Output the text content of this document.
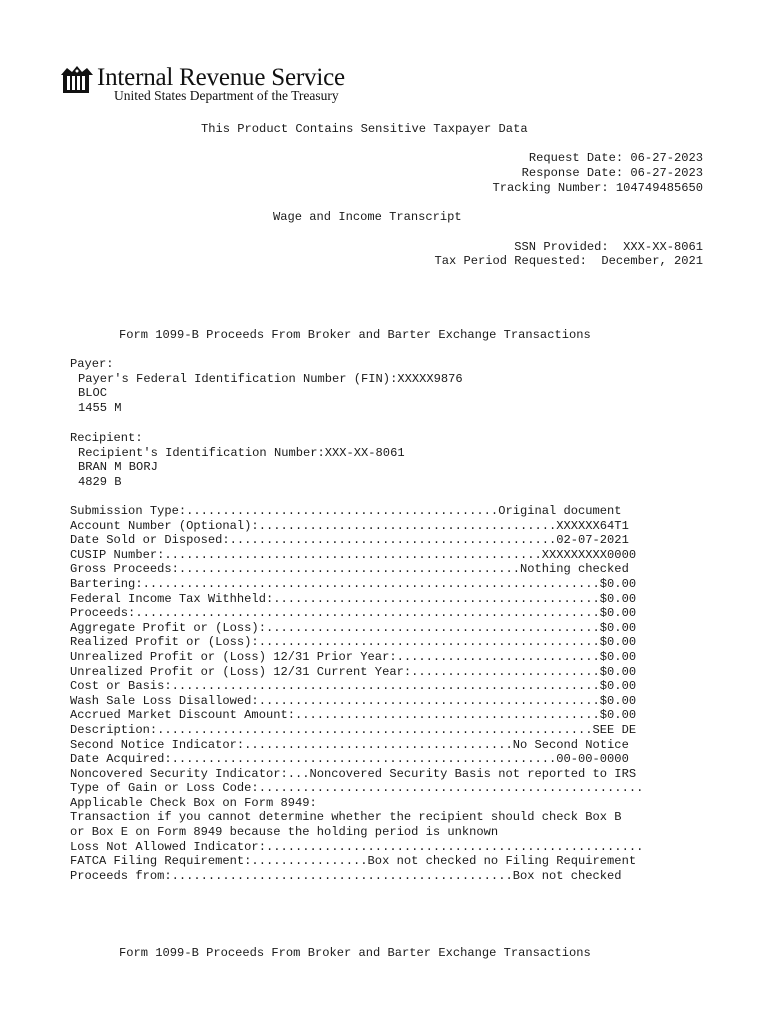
Internal Revenue Service
United States Department of the Treasury
This Product Contains Sensitive Taxpayer Data
Request Date: 06-27-2023
Response Date: 06-27-2023
Tracking Number: 104749485650
Wage and Income Transcript
SSN Provided:  XXX-XX-8061
Tax Period Requested:  December, 2021
Form 1099-B Proceeds From Broker and Barter Exchange Transactions
Payer:
Payer's Federal Identification Number (FIN):XXXXX9876
BLOC
1455 M
Recipient:
Recipient's Identification Number:XXX-XX-8061
BRAN M BORJ
4829 B
Submission Type:...........................................Original document
Account Number (Optional):.........................................XXXXXX64T1
Date Sold or Disposed:.............................................02-07-2021
CUSIP Number:....................................................XXXXXXXXX0000
Gross Proceeds:...............................................Nothing checked
Bartering:...............................................................$0.00
Federal Income Tax Withheld:.............................................$0.00
Proceeds:................................................................$0.00
Aggregate Profit or (Loss):..............................................$0.00
Realized Profit or (Loss):...............................................$0.00
Unrealized Profit or (Loss) 12/31 Prior Year:............................$0.00
Unrealized Profit or (Loss) 12/31 Current Year:..........................$0.00
Cost or Basis:...........................................................$0.00
Wash Sale Loss Disallowed:...............................................$0.00
Accrued Market Discount Amount:..........................................$0.00
Description:............................................................SEE DE
Second Notice Indicator:.....................................No Second Notice
Date Acquired:.....................................................00-00-0000
Noncovered Security Indicator:...Noncovered Security Basis not reported to IRS
Type of Gain or Loss Code:.....................................................
Applicable Check Box on Form 8949:
Transaction if you cannot determine whether the recipient should check Box B
or Box E on Form 8949 because the holding period is unknown
Loss Not Allowed Indicator:....................................................
FATCA Filing Requirement:................Box not checked no Filing Requirement
Proceeds from:...............................................Box not checked
Form 1099-B Proceeds From Broker and Barter Exchange Transactions
